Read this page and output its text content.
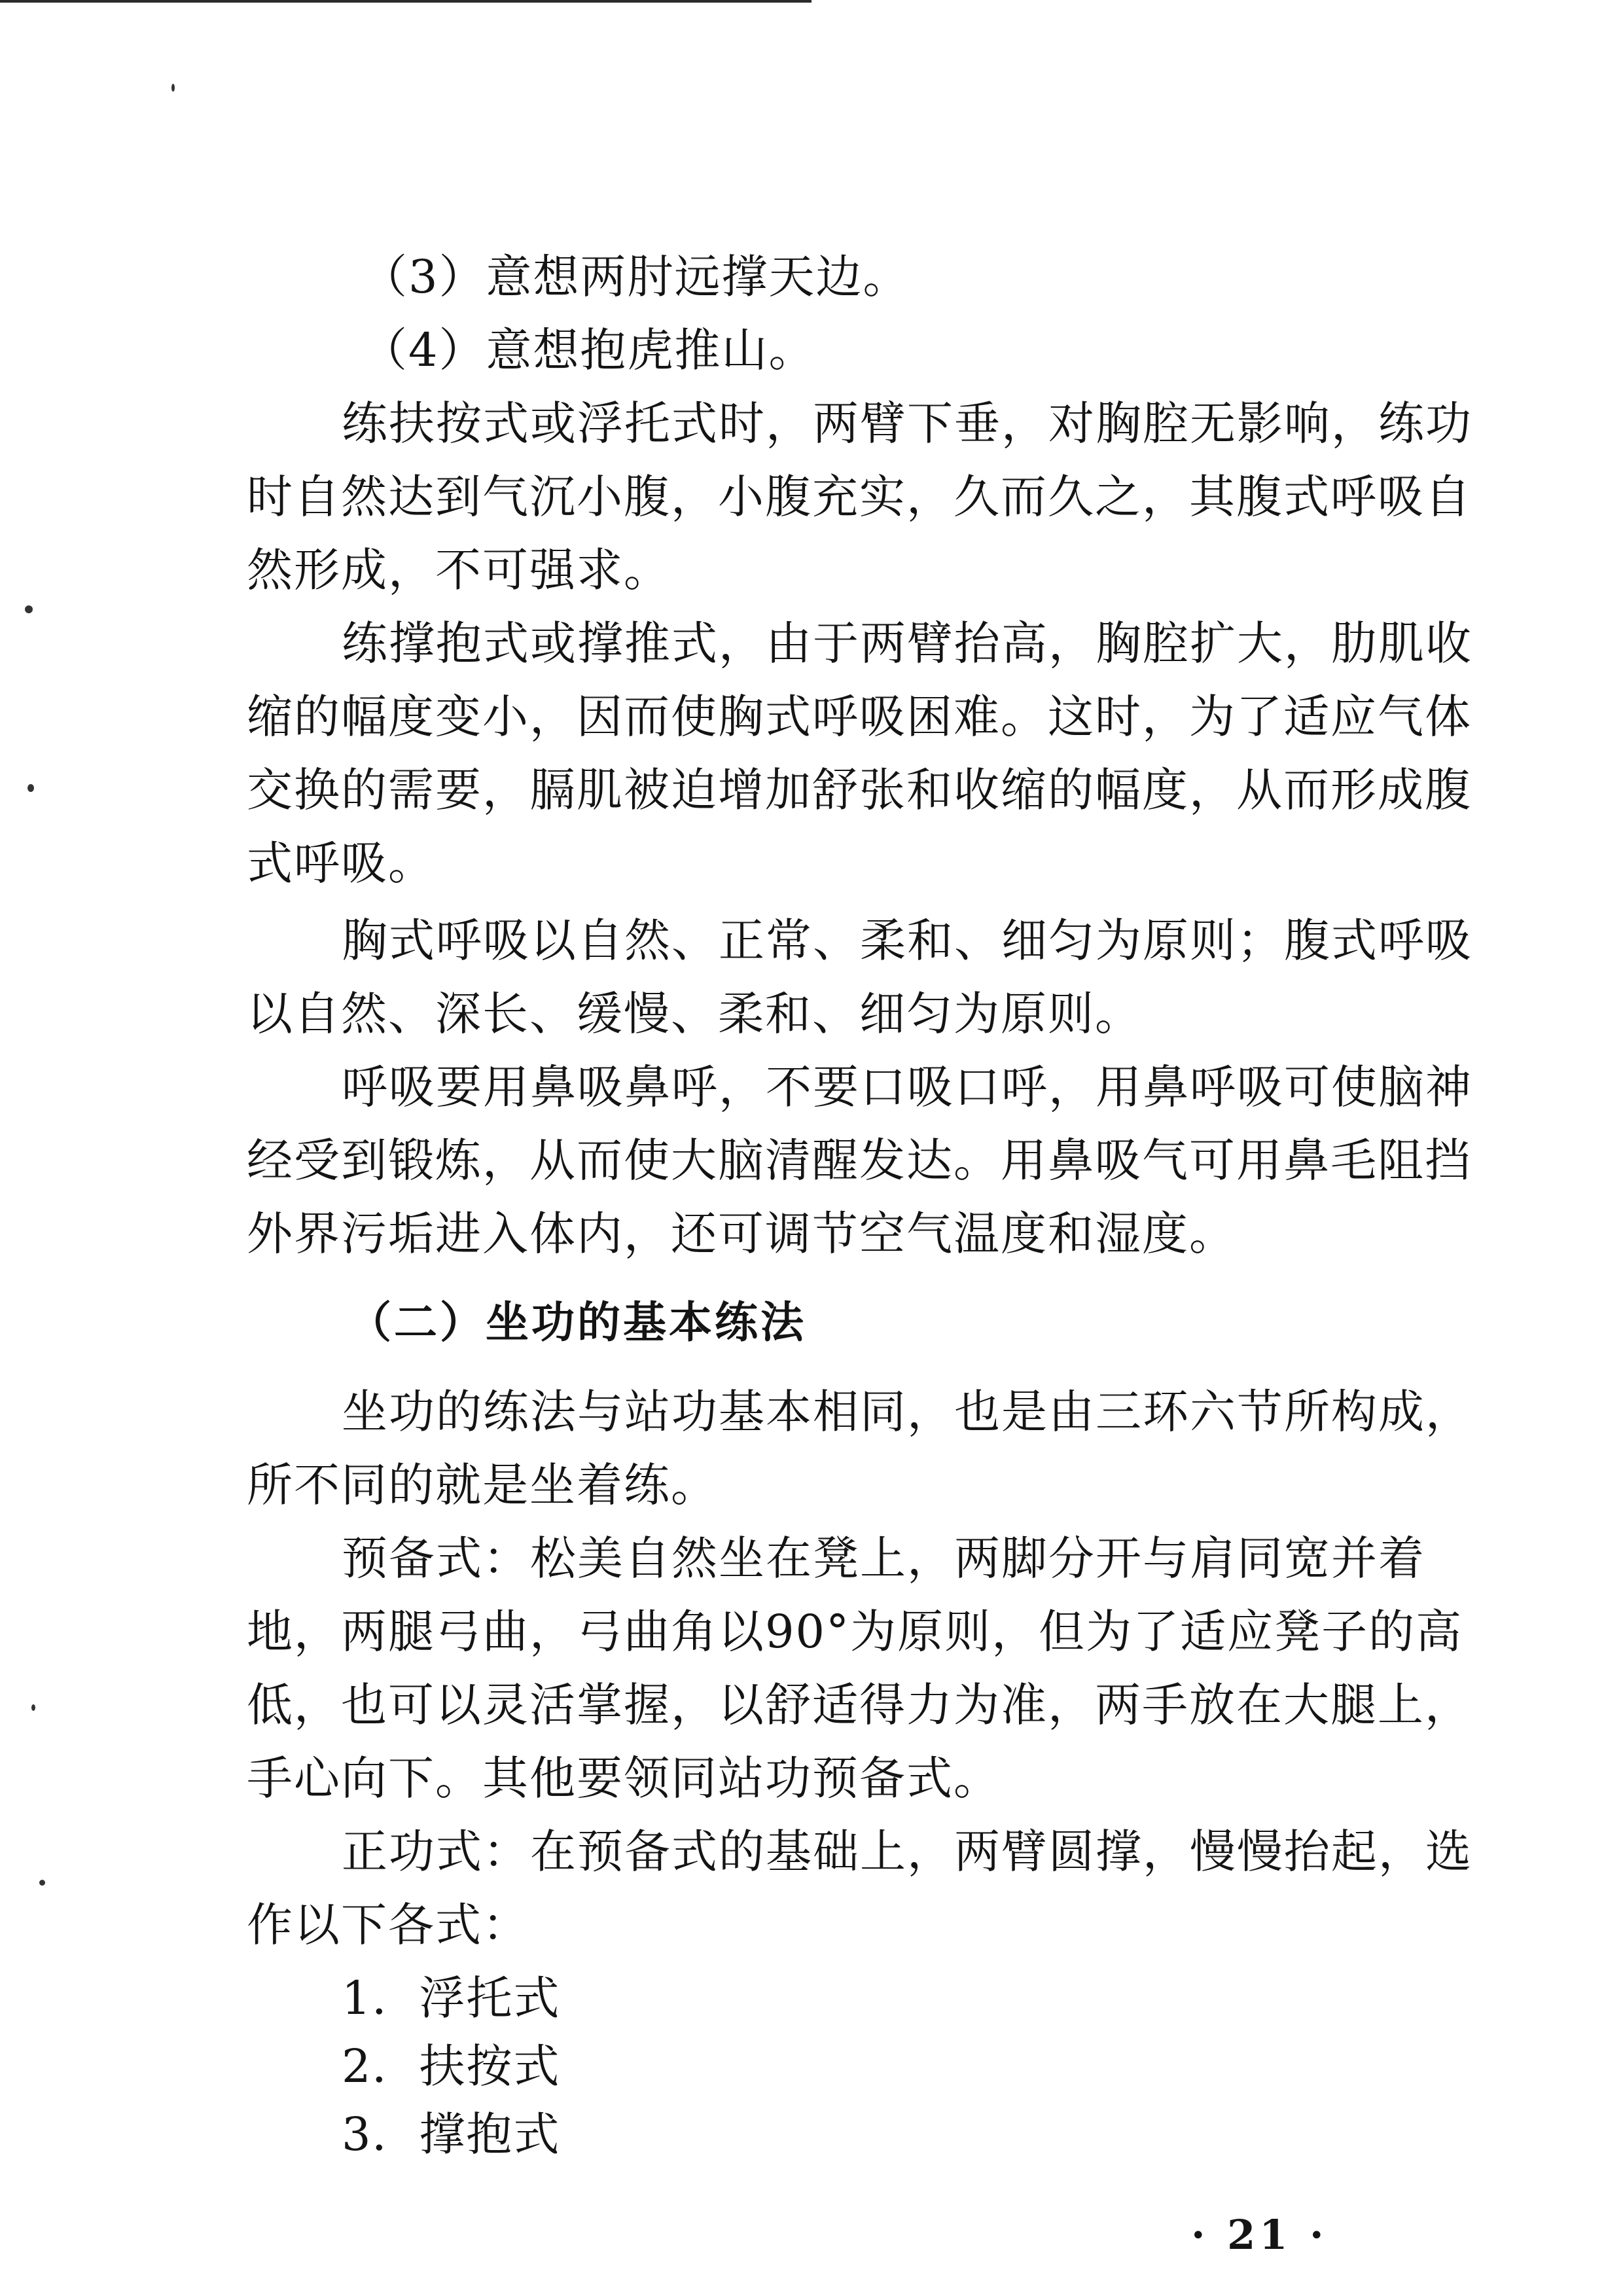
（3）意想两肘远撑天边。
（4）意想抱虎推山。
练扶按式或浮托式时，两臂下垂，对胸腔无影响，练功
时自然达到气沉小腹，小腹充实，久而久之，其腹式呼吸自
然形成，不可强求。
练撑抱式或撑推式，由于两臂抬高，胸腔扩大，肋肌收
缩的幅度变小，因而使胸式呼吸困难。这时，为了适应气体
交换的需要，膈肌被迫增加舒张和收缩的幅度，从而形成腹
式呼吸。
胸式呼吸以自然、正常、柔和、细匀为原则；腹式呼吸
以自然、深长、缓慢、柔和、细匀为原则。
呼吸要用鼻吸鼻呼，不要口吸口呼，用鼻呼吸可使脑神
经受到锻炼，从而使大脑清醒发达。用鼻吸气可用鼻毛阻挡
外界污垢进入体内，还可调节空气温度和湿度。
（二）坐功的基本练法
坐功的练法与站功基本相同，也是由三环六节所构成，
所不同的就是坐着练。
预备式：松美自然坐在凳上，两脚分开与肩同宽并着
地，两腿弓曲，弓曲角以90°为原则，但为了适应凳子的高
低，也可以灵活掌握，以舒适得力为准，两手放在大腿上，
手心向下。其他要领同站功预备式。
正功式：在预备式的基础上，两臂圆撑，慢慢抬起，选
作以下各式：
1．浮托式
2．扶按式
3．撑抱式
· 21 ·
